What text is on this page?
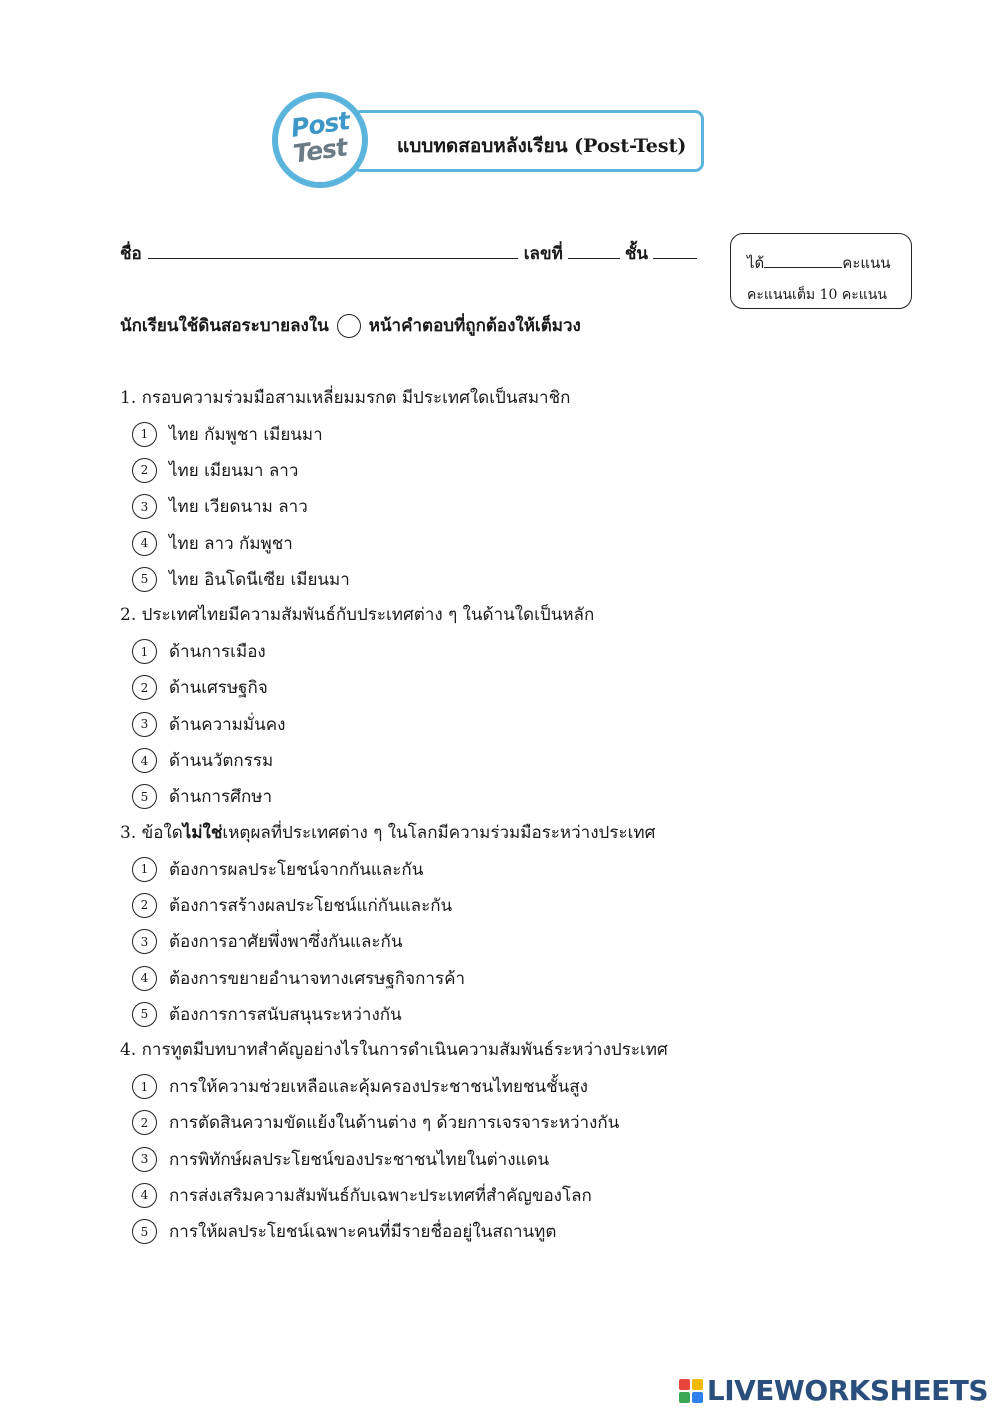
แบบทดสอบหลังเรียน (Post-Test)
Post
Test
ชื่อ	เลขที่	ชั้น	ได้	คะแนน
คะแนนเต็ม 10 คะแนน
นักเรียนใช้ดินสอระบายลงใน หน้าคำตอบที่ถูกต้องให้เต็มวง
1. กรอบความร่วมมือสามเหลี่ยมมรกต มีประเทศใดเป็นสมาชิก
1	ไทย กัมพูชา เมียนมา
2	ไทย เมียนมา ลาว
3	ไทย เวียดนาม ลาว
4	ไทย ลาว กัมพูชา
5	ไทย อินโดนีเซีย เมียนมา
2. ประเทศไทยมีความสัมพันธ์กับประเทศต่าง ๆ ในด้านใดเป็นหลัก
1	ด้านการเมือง
2	ด้านเศรษฐกิจ
3	ด้านความมั่นคง
4	ด้านนวัตกรรม
5	ด้านการศึกษา
3. ข้อใดไม่ใช่เหตุผลที่ประเทศต่าง ๆ ในโลกมีความร่วมมือระหว่างประเทศ
1	ต้องการผลประโยชน์จากกันและกัน
2	ต้องการสร้างผลประโยชน์แก่กันและกัน
3	ต้องการอาศัยพึ่งพาซึ่งกันและกัน
4	ต้องการขยายอำนาจทางเศรษฐกิจการค้า
5	ต้องการการสนับสนุนระหว่างกัน
4. การทูตมีบทบาทสำคัญอย่างไรในการดำเนินความสัมพันธ์ระหว่างประเทศ
1	การให้ความช่วยเหลือและคุ้มครองประชาชนไทยชนชั้นสูง
2	การตัดสินความขัดแย้งในด้านต่าง ๆ ด้วยการเจรจาระหว่างกัน
3	การพิทักษ์ผลประโยชน์ของประชาชนไทยในต่างแดน
4	การส่งเสริมความสัมพันธ์กับเฉพาะประเทศที่สำคัญของโลก
5	การให้ผลประโยชน์เฉพาะคนที่มีรายชื่ออยู่ในสถานทูต
LIVEWORKSHEETS
